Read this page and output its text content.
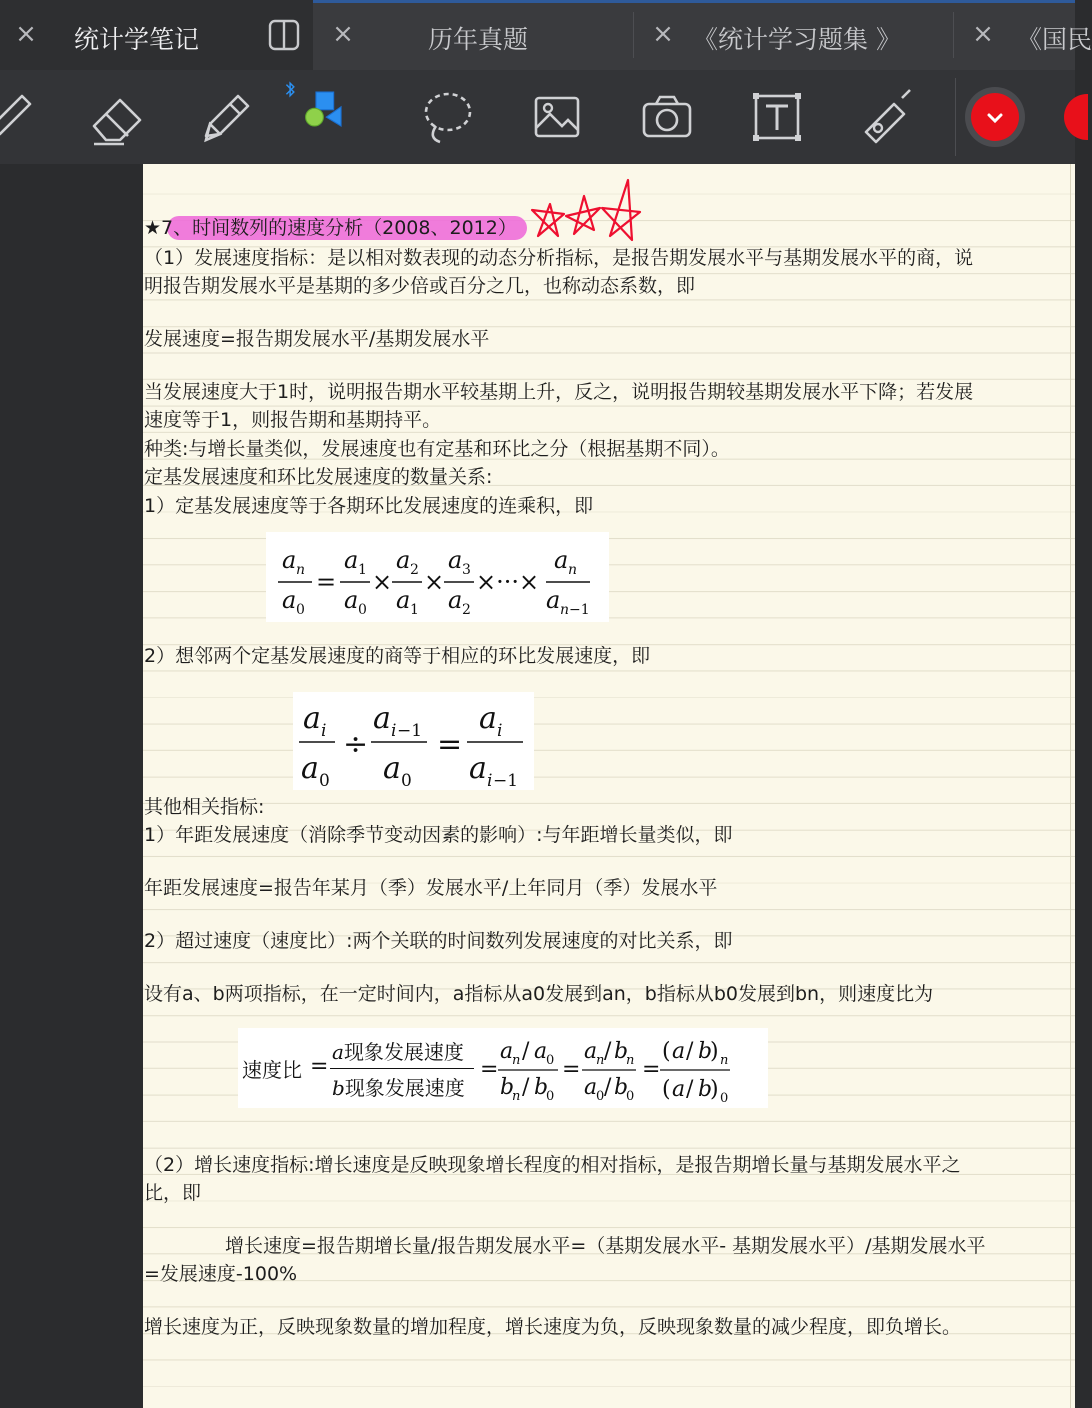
×	统计学笔记	×	历年真题	× 《统计学习题集 》	× 《国民
★7、时间数列的速度分析（2008、2012）
（1）发展速度指标：是以相对数表现的动态分析指标，是报告期发展水平与基期发展水平的商，说
明报告期发展水平是基期的多少倍或百分之几，也称动态系数，即
发展速度=报告期发展水平/基期发展水平
当发展速度大于1时，说明报告期水平较基期上升，反之，说明报告期较基期发展水平下降；若发展
速度等于1，则报告期和基期持平。
种类:与增长量类似，发展速度也有定基和环比之分（根据基期不同）。
定基发展速度和环比发展速度的数量关系:
1）定基发展速度等于各期环比发展速度的连乘积，即
a n
a 0
=
a 1
a 0
×
a 2
a 1
×
a 3
a 2
×···×
a n
a n −1
2）想邻两个定基发展速度的商等于相应的环比发展速度，即
a i
a 0
÷
a i −1
a 0
=
a i
a i −1
其他相关指标:
1）年距发展速度（消除季节变动因素的影响）:与年距增长量类似，即
年距发展速度=报告年某月（季）发展水平/上年同月（季）发展水平
2）超过速度（速度比）:两个关联的时间数列发展速度的对比关系，即
设有a、b两项指标，在一定时间内，a指标从a0发展到an，b指标从b0发展到bn，则速度比为
速度比 =
a现象发展速度
b现象发展速度
=
a
n / a
0
b
n / b
0
=
a
n / b
n
a
0 / b
0
=
( a / b
) n
( a / b
) 0
（2）增长速度指标:增长速度是反映现象增长程度的相对指标，是报告期增长量与基期发展水平之
比，即
增长速度=报告期增长量/报告期发展水平=（基期发展水平- 基期发展水平）/基期发展水平
=发展速度-100%
增长速度为正，反映现象数量的增加程度，增长速度为负，反映现象数量的减少程度，即负增长。
